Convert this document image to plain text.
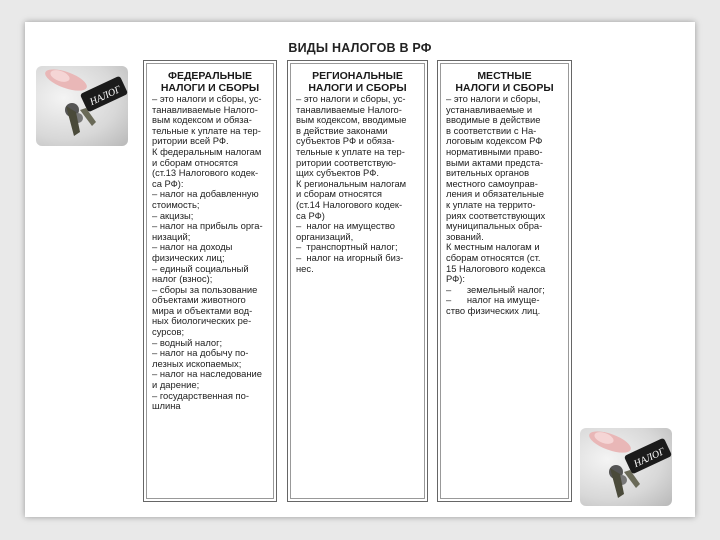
ВИДЫ НАЛОГОВ В РФ
НАЛОГ
НАЛОГ
ФЕДЕРАЛЬНЫЕ
НАЛОГИ И СБОРЫ
– это налоги и сборы, ус-
танавливаемые Налого-
вым кодексом и обяза-
тельные к уплате на тер-
ритории всей РФ.
К федеральным налогам
и сборам относятся
(ст.13 Налогового кодек-
са РФ):
– налог на добавленную
стоимость;
– акцизы;
– налог на прибыль орга-
низаций;
– налог на доходы
физических лиц;
– единый социальный
налог (взнос);
– сборы за пользование
объектами животного
мира и объектами вод-
ных биологических ре-
сурсов;
– водный налог;
– налог на добычу по-
лезных ископаемых;
– налог на наследование
и дарение;
– государственная по-
шлина
РЕГИОНАЛЬНЫЕ
НАЛОГИ И СБОРЫ
– это налоги и сборы, ус-
танавливаемые Налого-
вым кодексом, вводимые
в действие законами
субъектов РФ и обяза-
тельные к уплате на тер-
ритории соответствую-
щих субъектов РФ.
К региональным налогам
и сборам относятся
(ст.14 Налогового кодек-
са РФ)
–  налог на имущество
организаций,
–  транспортный налог;
–  налог на игорный биз-
нес.
МЕСТНЫЕ
НАЛОГИ И СБОРЫ
– это налоги и сборы,
устанавливаемые и
вводимые в действие
в соответствии с На-
логовым кодексом РФ
нормативными право-
выми актами предста-
вительных органов
местного самоуправ-
ления и обязательные
к уплате на террито-
риях соответствующих
муниципальных обра-
зований.
К местным налогам и
сборам относятся (ст.
15 Налогового кодекса
РФ):
–      земельный налог;
–      налог на имуще-
ство физических лиц.
